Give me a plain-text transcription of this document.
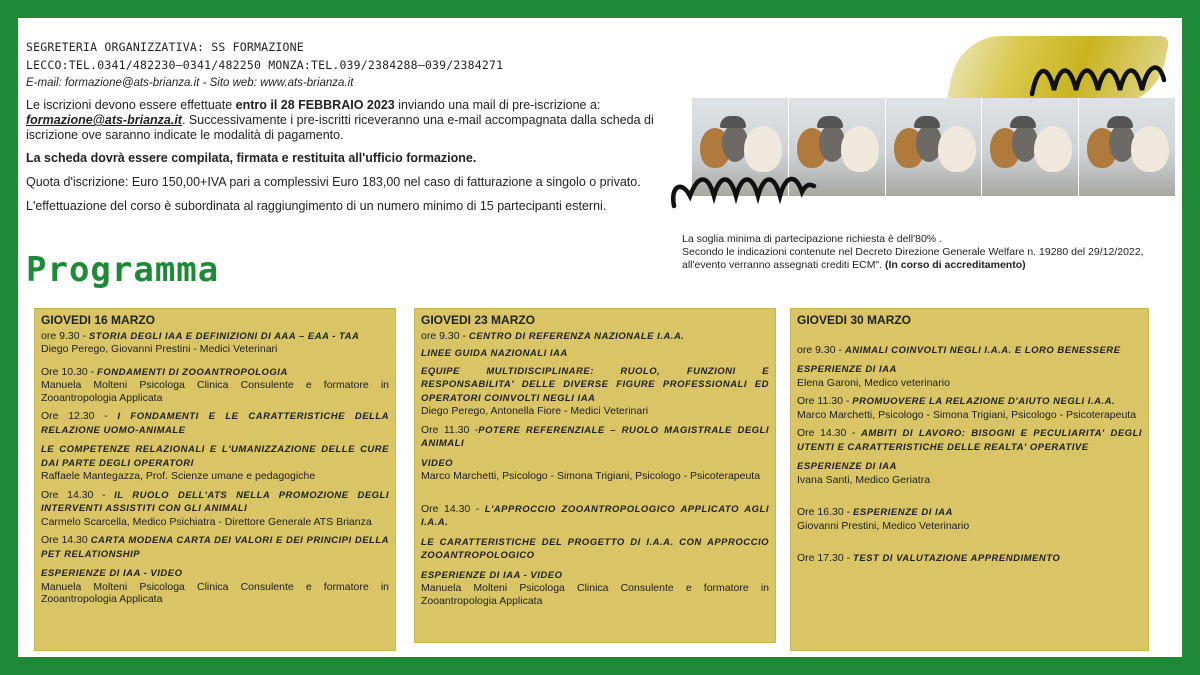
SEGRETERIA ORGANIZZATIVA: SS FORMAZIONE
LECCO:TEL.0341/482230–0341/482250 MONZA:TEL.039/2384288–039/2384271
E-mail: formazione@ats-brianza.it - Sito web: www.ats-brianza.it
Le iscrizioni devono essere effettuate entro il 28 FEBBRAIO 2023 inviando una mail di pre-iscrizione a: formazione@ats-brianza.it. Successivamente i pre-iscritti riceveranno una e-mail accompagnata dalla scheda di iscrizione ove saranno indicate le modalità di pagamento.
La scheda dovrà essere compilata, firmata e restituita all'ufficio formazione.
Quota d'iscrizione: Euro 150,00+IVA pari a complessivi Euro 183,00 nel caso di fatturazione a singolo o privato.
L'effettuazione del corso è subordinata al raggiungimento di un numero minimo di 15 partecipanti esterni.
La soglia minima di partecipazione richiesta è dell'80% .
Secondo le indicazioni contenute nel Decreto Direzione Generale Welfare n. 19280 del 29/12/2022, all'evento verranno assegnati crediti ECM". (In corso di accreditamento)
Programma
GIOVEDI 16 MARZO

ore 9.30 - STORIA DEGLI IAA E DEFINIZIONI DI AAA – EAA - TAA

Diego Perego, Giovanni Prestini - Medici Veterinari

Ore 10.30 - FONDAMENTI DI ZOOANTROPOLOGIA

Manuela Molteni Psicologa Clinica Consulente e formatore in Zooantropologia Applicata

Ore 12.30 - I FONDAMENTI E LE CARATTERISTICHE DELLA RELAZIONE UOMO-ANIMALE

LE COMPETENZE RELAZIONALI E L'UMANIZZAZIONE DELLE CURE DAI PARTE DEGLI OPERATORI

Raffaele Mantegazza, Prof. Scienze umane e pedagogiche

Ore 14.30 - IL RUOLO DELL'ATS NELLA PROMOZIONE DEGLI INTERVENTI ASSISTITI CON GLI ANIMALI

Carmelo Scarcella, Medico Psichiatra - Direttore Generale ATS Brianza

Ore 14.30 CARTA MODENA CARTA DEI VALORI E DEI PRINCIPI DELLA PET RELATIONSHIP

ESPERIENZE DI IAA - VIDEO

Manuela Molteni Psicologa Clinica Consulente e formatore in Zooantropologia Applicata

GIOVEDI 23 MARZO

ore 9.30 - CENTRO DI REFERENZA NAZIONALE I.A.A.

LINEE GUIDA NAZIONALI IAA

EQUIPE MULTIDISCIPLINARE: RUOLO, FUNZIONI E RESPONSABILITA' DELLE DIVERSE FIGURE PROFESSIONALI ED OPERATORI COINVOLTI NEGLI IAA

Diego Perego, Antonella Fiore - Medici Veterinari

Ore 11.30 -POTERE REFERENZIALE – RUOLO MAGISTRALE DEGLI ANIMALI

VIDEO

Marco Marchetti, Psicologo - Simona Trigiani, Psicologo - Psicoterapeuta

Ore 14.30 - L'APPROCCIO ZOOANTROPOLOGICO APPLICATO AGLI I.A.A.

LE CARATTERISTICHE DEL PROGETTO DI I.A.A. CON APPROCCIO ZOOANTROPOLOGICO

ESPERIENZE DI IAA - VIDEO

Manuela Molteni Psicologa Clinica Consulente e formatore in Zooantropologia Applicata

GIOVEDI 30 MARZO

ore 9.30 - ANIMALI COINVOLTI NEGLI I.A.A. E LORO BENESSERE

ESPERIENZE DI IAA

Elena Garoni, Medico veterinario

Ore 11.30 - PROMUOVERE LA RELAZIONE D'AIUTO NEGLI I.A.A.

Marco Marchetti, Psicologo - Simona Trigiani, Psicologo - Psicoterapeuta

Ore 14.30 - AMBITI DI LAVORO: BISOGNI E PECULIARITA' DEGLI UTENTI E CARATTERISTICHE DELLE REALTA' OPERATIVE

ESPERIENZE DI IAA

Ivana Santi, Medico Geriatra

Ore 16.30 - ESPERIENZE DI IAA

Giovanni Prestini, Medico Veterinario

Ore 17.30 - TEST DI VALUTAZIONE APPRENDIMENTO
